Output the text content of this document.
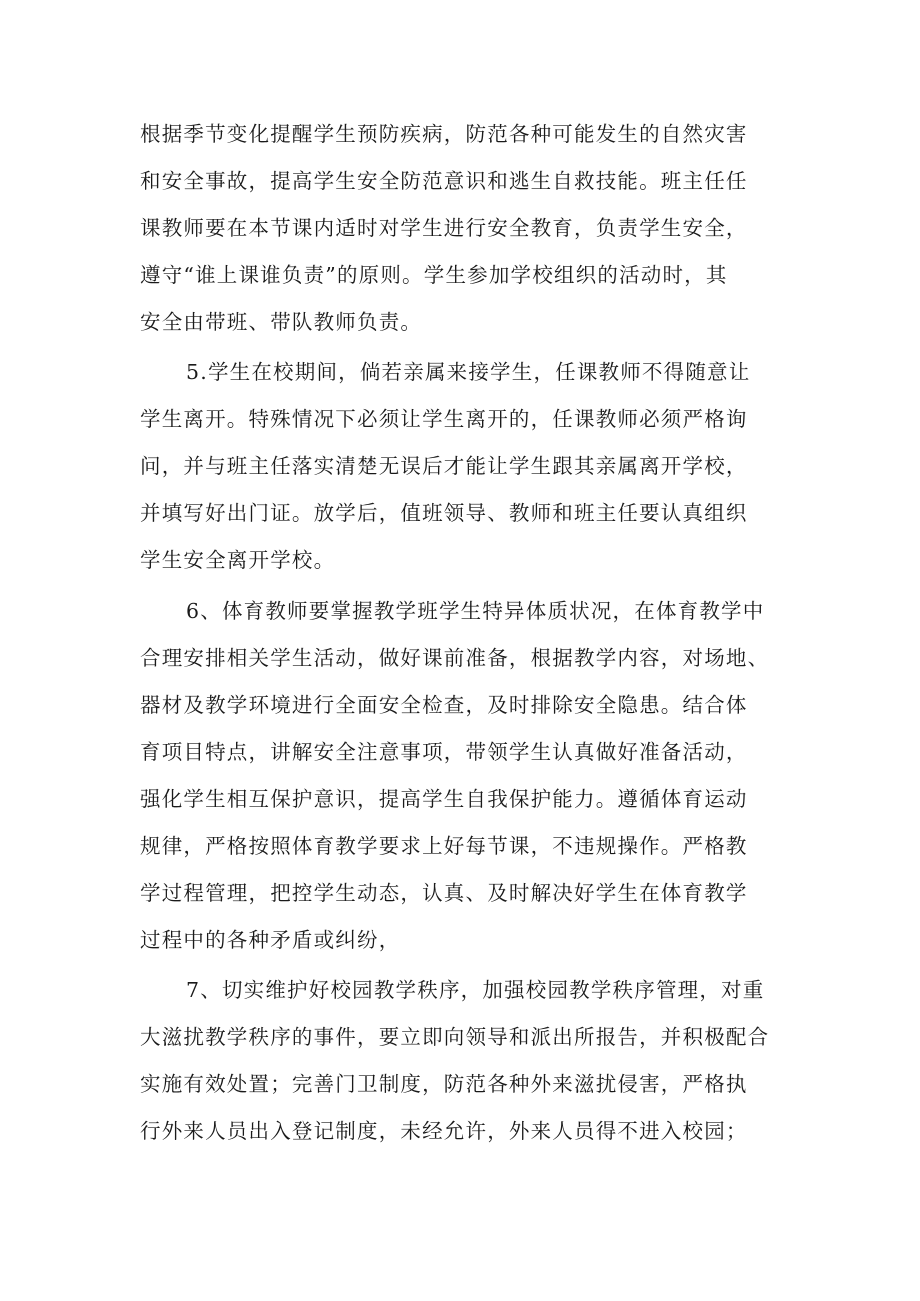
根据季节变化提醒学生预防疾病，防范各种可能发生的自然灾害
和安全事故，提高学生安全防范意识和逃生自救技能。班主任任
课教师要在本节课内适时对学生进行安全教育，负责学生安全，
遵守“谁上课谁负责”的原则。学生参加学校组织的活动时，其
安全由带班、带队教师负责。
5.学生在校期间，倘若亲属来接学生，任课教师不得随意让
学生离开。特殊情况下必须让学生离开的，任课教师必须严格询
问，并与班主任落实清楚无误后才能让学生跟其亲属离开学校，
并填写好出门证。放学后，值班领导、教师和班主任要认真组织
学生安全离开学校。
6、体育教师要掌握教学班学生特异体质状况，在体育教学中
合理安排相关学生活动，做好课前准备，根据教学内容，对场地、
器材及教学环境进行全面安全检查，及时排除安全隐患。结合体
育项目特点，讲解安全注意事项，带领学生认真做好准备活动，
强化学生相互保护意识，提高学生自我保护能力。遵循体育运动
规律，严格按照体育教学要求上好每节课，不违规操作。严格教
学过程管理，把控学生动态，认真、及时解决好学生在体育教学
过程中的各种矛盾或纠纷，
7、切实维护好校园教学秩序，加强校园教学秩序管理，对重
大滋扰教学秩序的事件，要立即向领导和派出所报告，并积极配合
实施有效处置；完善门卫制度，防范各种外来滋扰侵害，严格执
行外来人员出入登记制度，未经允许，外来人员得不进入校园；
